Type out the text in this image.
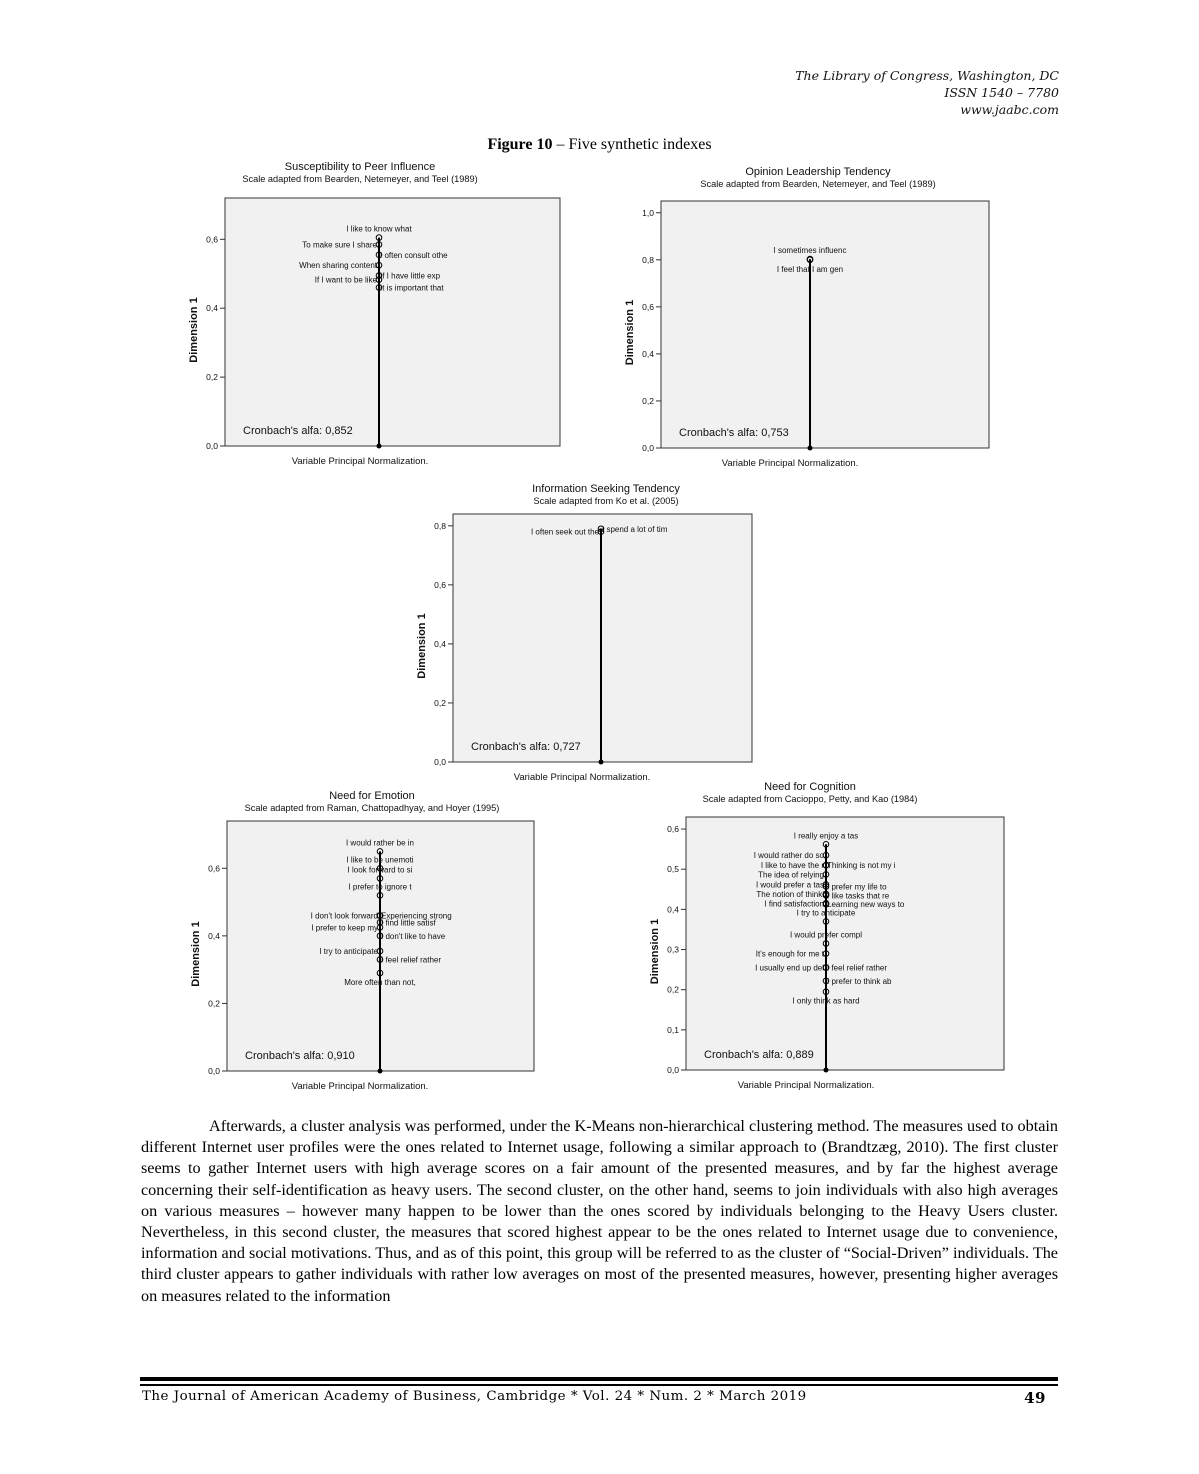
The Library of Congress, Washington, DC
ISSN 1540 – 7780
www.jaabc.com
Figure 10 – Five synthetic indexes
Susceptibility to Peer Influence
Scale adapted from Bearden, Netemeyer, and Teel (1989)
0,0
0,2
0,4
0,6
Dimension 1
Variable Principal Normalization.
Cronbach's alfa: 0,852
I like to know what
To make sure I share
I often consult othe
When sharing content
If I have little exp
If I want to be like
It is important that
Opinion Leadership Tendency
Scale adapted from Bearden, Netemeyer, and Teel (1989)
0,0
0,2
0,4
0,6
0,8
1,0
Dimension 1
Variable Principal Normalization.
Cronbach's alfa: 0,753
I sometimes influenc
I feel that I am gen
Information Seeking Tendency
Scale adapted from Ko et al. (2005)
0,0
0,2
0,4
0,6
0,8
Dimension 1
Variable Principal Normalization.
Cronbach's alfa: 0,727
I spend a lot of tim
I often seek out the
Need for Emotion
Scale adapted from Raman, Chattopadhyay, and Hoyer (1995)
0,0
0,2
0,4
0,6
Dimension 1
Variable Principal Normalization.
Cronbach's alfa: 0,910
I would rather be in
I like to be unemoti
I look forward to si
I prefer to ignore t
I don't look forward Experiencing strong
I find little satisf
I prefer to keep my
I don't like to have
I try to anticipate
I feel relief rather
More often than not,
Need for Cognition
Scale adapted from Cacioppo, Petty, and Kao (1984)
0,0
0,1
0,2
0,3
0,4
0,5
0,6
Dimension 1
Variable Principal Normalization.
Cronbach's alfa: 0,889
I really enjoy a tas
I would rather do so
I like to have the r Thinking is not my i
The idea of relying
I would prefer a tas I prefer my life to
The notion of thinki I like tasks that re
I find satisfaction Learning new ways to
I try to anticipate
I would prefer compl
It's enough for me t
I usually end up del I feel relief rather
I prefer to think ab
I only think as hard

Afterwards, a cluster analysis was performed, under the K-Means non-hierarchical clustering method. The measures used to obtain different Internet user profiles were the ones related to Internet usage, following a similar approach to (Brandtzæg, 2010). The first cluster seems to gather Internet users with high average scores on a fair amount of the presented measures, and by far the highest average concerning their self-identification as heavy users. The second cluster, on the other hand, seems to join individuals with also high averages on various measures – however many happen to be lower than the ones scored by individuals belonging to the Heavy Users cluster. Nevertheless, in this second cluster, the measures that scored highest appear to be the ones related to Internet usage due to convenience, information and social motivations. Thus, and as of this point, this group will be referred to as the cluster of “Social-Driven” individuals. The third cluster appears to gather individuals with rather low averages on most of the presented measures, however, presenting higher averages on measures related to the information

The Journal of American Academy of Business, Cambridge * Vol. 24 * Num. 2 * March 2019	49
